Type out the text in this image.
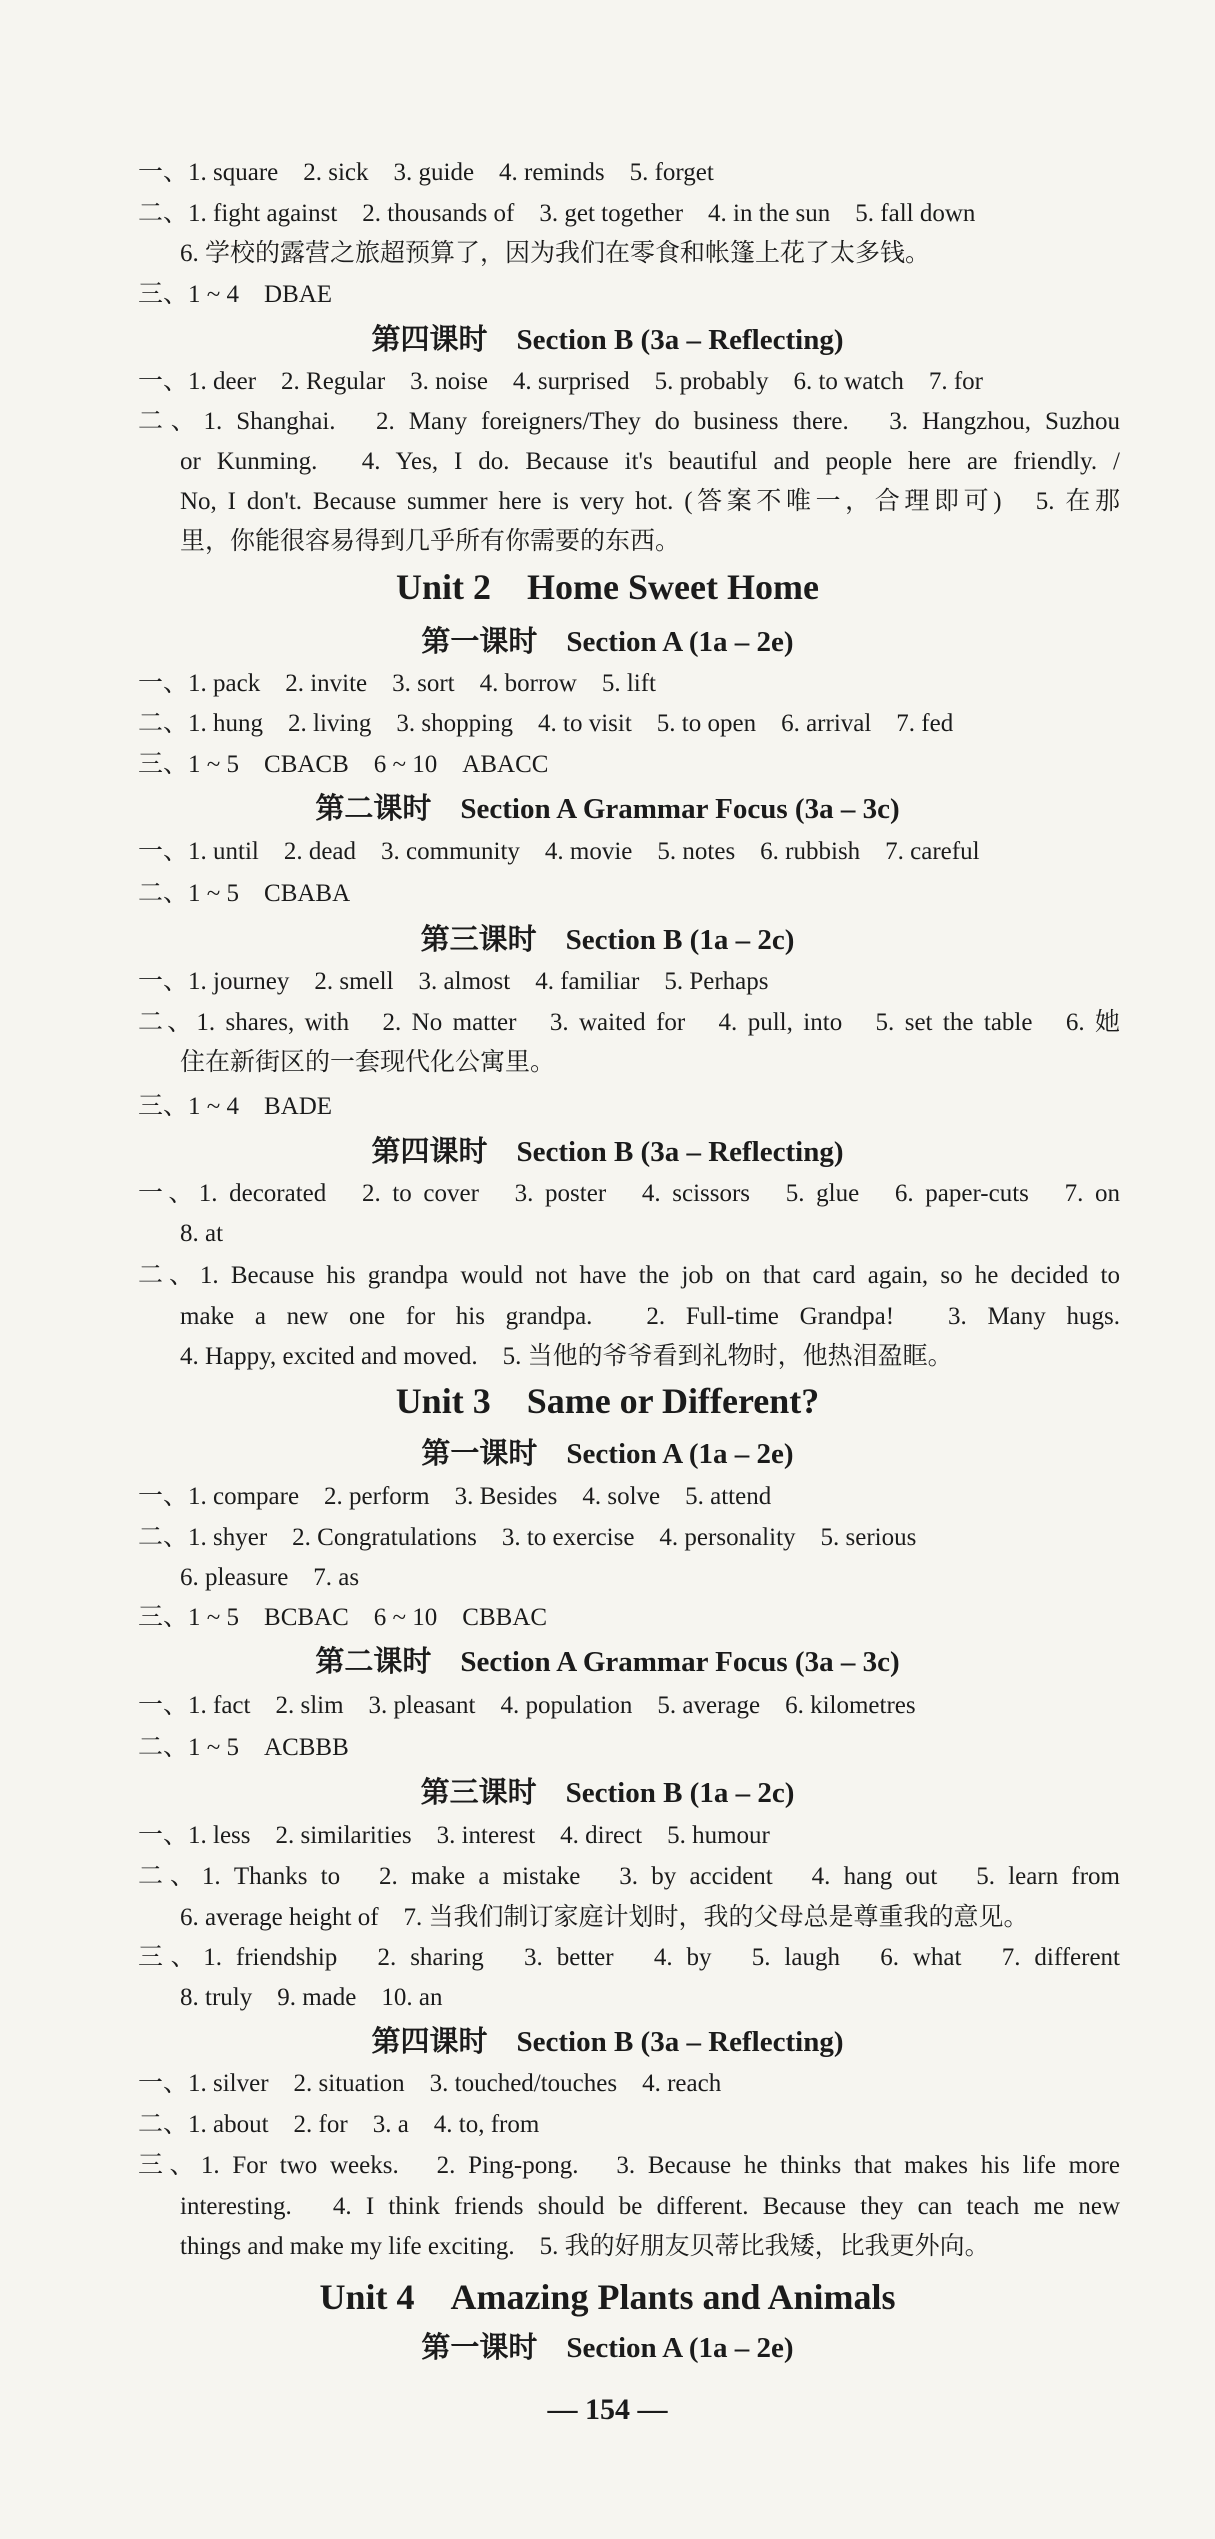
一、1. square　2. sick　3. guide　4. reminds　5. forget
二、1. fight against　2. thousands of　3. get together　4. in the sun　5. fall down
6. 学校的露营之旅超预算了，因为我们在零食和帐篷上花了太多钱。
三、1 ~ 4　DBAE
第四课时　Section B (3a – Reflecting)
一、1. deer　2. Regular　3. noise　4. surprised　5. probably　6. to watch　7. for
二、1. Shanghai.　2. Many foreigners/They do business there.　3. Hangzhou, Suzhou
or Kunming.　4. Yes, I do. Because it's beautiful and people here are friendly. /
No, I don't. Because summer here is very hot. (答案不唯一，合理即可)　5. 在那
里，你能很容易得到几乎所有你需要的东西。
Unit 2　Home Sweet Home
第一课时　Section A (1a – 2e)
一、1. pack　2. invite　3. sort　4. borrow　5. lift
二、1. hung　2. living　3. shopping　4. to visit　5. to open　6. arrival　7. fed
三、1 ~ 5　CBACB　6 ~ 10　ABACC
第二课时　Section A Grammar Focus (3a – 3c)
一、1. until　2. dead　3. community　4. movie　5. notes　6. rubbish　7. careful
二、1 ~ 5　CBABA
第三课时　Section B (1a – 2c)
一、1. journey　2. smell　3. almost　4. familiar　5. Perhaps
二、1. shares, with　2. No matter　3. waited for　4. pull, into　5. set the table　6. 她
住在新街区的一套现代化公寓里。
三、1 ~ 4　BADE
第四课时　Section B (3a – Reflecting)
一、1. decorated　2. to cover　3. poster　4. scissors　5. glue　6. paper-cuts　7. on
8. at
二、1. Because his grandpa would not have the job on that card again, so he decided to
make a new one for his grandpa.　2. Full-time Grandpa!　3. Many hugs.
4. Happy, excited and moved.　5. 当他的爷爷看到礼物时，他热泪盈眶。
Unit 3　Same or Different?
第一课时　Section A (1a – 2e)
一、1. compare　2. perform　3. Besides　4. solve　5. attend
二、1. shyer　2. Congratulations　3. to exercise　4. personality　5. serious
6. pleasure　7. as
三、1 ~ 5　BCBAC　6 ~ 10　CBBAC
第二课时　Section A Grammar Focus (3a – 3c)
一、1. fact　2. slim　3. pleasant　4. population　5. average　6. kilometres
二、1 ~ 5　ACBBB
第三课时　Section B (1a – 2c)
一、1. less　2. similarities　3. interest　4. direct　5. humour
二、1. Thanks to　2. make a mistake　3. by accident　4. hang out　5. learn from
6. average height of　7. 当我们制订家庭计划时，我的父母总是尊重我的意见。
三、1. friendship　2. sharing　3. better　4. by　5. laugh　6. what　7. different
8. truly　9. made　10. an
第四课时　Section B (3a – Reflecting)
一、1. silver　2. situation　3. touched/touches　4. reach
二、1. about　2. for　3. a　4. to, from
三、1. For two weeks.　2. Ping-pong.　3. Because he thinks that makes his life more
interesting.　4. I think friends should be different. Because they can teach me new
things and make my life exciting.　5. 我的好朋友贝蒂比我矮，比我更外向。
Unit 4　Amazing Plants and Animals
第一课时　Section A (1a – 2e)
— 154 —
